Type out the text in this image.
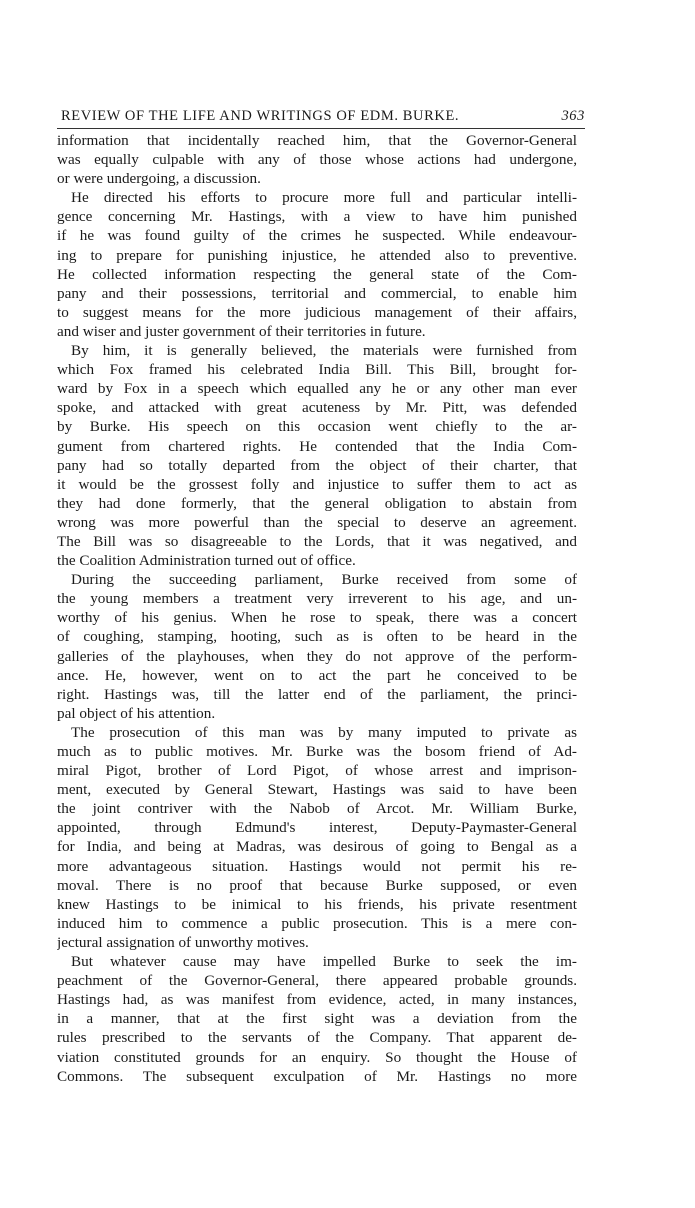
REVIEW OF THE LIFE AND WRITINGS OF EDM. BURKE.	363
information that incidentally reached him, that the Governor-General
was equally culpable with any of those whose actions had undergone,
or were undergoing, a discussion.
He directed his efforts to procure more full and particular intelli-
gence concerning Mr. Hastings, with a view to have him punished
if he was found guilty of the crimes he suspected. While endeavour-
ing to prepare for punishing injustice, he attended also to preventive.
He collected information respecting the general state of the Com-
pany and their possessions, territorial and commercial, to enable him
to suggest means for the more judicious management of their affairs,
and wiser and juster government of their territories in future.
By him, it is generally believed, the materials were furnished from
which Fox framed his celebrated India Bill. This Bill, brought for-
ward by Fox in a speech which equalled any he or any other man ever
spoke, and attacked with great acuteness by Mr. Pitt, was defended
by Burke. His speech on this occasion went chiefly to the ar-
gument from chartered rights. He contended that the India Com-
pany had so totally departed from the object of their charter, that
it would be the grossest folly and injustice to suffer them to act as
they had done formerly, that the general obligation to abstain from
wrong was more powerful than the special to deserve an agreement.
The Bill was so disagreeable to the Lords, that it was negatived, and
the Coalition Administration turned out of office.
During the succeeding parliament, Burke received from some of
the young members a treatment very irreverent to his age, and un-
worthy of his genius. When he rose to speak, there was a concert
of coughing, stamping, hooting, such as is often to be heard in the
galleries of the playhouses, when they do not approve of the perform-
ance. He, however, went on to act the part he conceived to be
right. Hastings was, till the latter end of the parliament, the princi-
pal object of his attention.
The prosecution of this man was by many imputed to private as
much as to public motives. Mr. Burke was the bosom friend of Ad-
miral Pigot, brother of Lord Pigot, of whose arrest and imprison-
ment, executed by General Stewart, Hastings was said to have been
the joint contriver with the Nabob of Arcot. Mr. William Burke,
appointed, through Edmund's interest, Deputy-Paymaster-General
for India, and being at Madras, was desirous of going to Bengal as a
more advantageous situation. Hastings would not permit his re-
moval. There is no proof that because Burke supposed, or even
knew Hastings to be inimical to his friends, his private resentment
induced him to commence a public prosecution. This is a mere con-
jectural assignation of unworthy motives.
But whatever cause may have impelled Burke to seek the im-
peachment of the Governor-General, there appeared probable grounds.
Hastings had, as was manifest from evidence, acted, in many instances,
in a manner, that at the first sight was a deviation from the
rules prescribed to the servants of the Company. That apparent de-
viation constituted grounds for an enquiry. So thought the House of
Commons. The subsequent exculpation of Mr. Hastings no more
